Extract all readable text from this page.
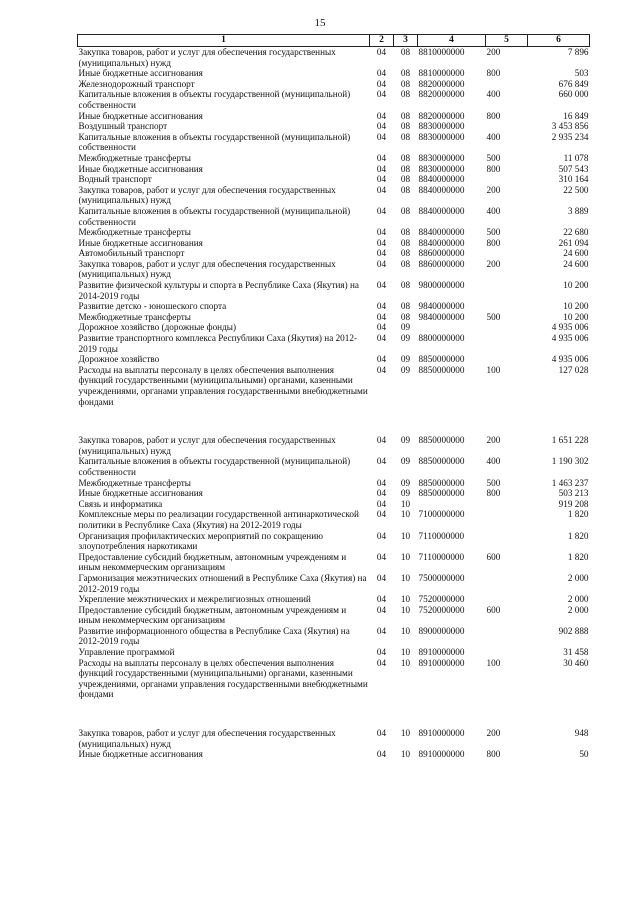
15
1	2	3	4	5	6
Закупка товаров, работ и услуг для обеспечения государственных (муниципальных) нужд	04	08	8810000000	200	7 896
Иные бюджетные ассигнования	04	08	8810000000	800	503
Железнодорожный транспорт	04	08	8820000000		676 849
Капитальные вложения в объекты государственной (муниципальной) собственности	04	08	8820000000	400	660 000
Иные бюджетные ассигнования	04	08	8820000000	800	16 849
Воздушный транспорт	04	08	8830000000		3 453 856
Капитальные вложения в объекты государственной (муниципальной) собственности	04	08	8830000000	400	2 935 234
Межбюджетные трансферты	04	08	8830000000	500	11 078
Иные бюджетные ассигнования	04	08	8830000000	800	507 543
Водный транспорт	04	08	8840000000		310 164
Закупка товаров, работ и услуг для обеспечения государственных (муниципальных) нужд	04	08	8840000000	200	22 500
Капитальные вложения в объекты государственной (муниципальной) собственности	04	08	8840000000	400	3 889
Межбюджетные трансферты	04	08	8840000000	500	22 680
Иные бюджетные ассигнования	04	08	8840000000	800	261 094
Автомобильный транспорт	04	08	8860000000		24 600
Закупка товаров, работ и услуг для обеспечения государственных (муниципальных) нужд	04	08	8860000000	200	24 600
Развитие физической культуры и спорта в Республике Саха (Якутия) на 2014-2019 годы	04	08	9800000000		10 200
Развитие детско - юношеского спорта	04	08	9840000000		10 200
Межбюджетные трансферты	04	08	9840000000	500	10 200
Дорожное хозяйство (дорожные фонды)	04	09			4 935 006
Развитие транспортного комплекса Республики Саха (Якутия) на 2012-2019 годы	04	09	8800000000		4 935 006
Дорожное хозяйство	04	09	8850000000		4 935 006
Расходы на выплаты персоналу в целях обеспечения выполнения функций государственными (муниципальными) органами, казенными учреждениями, органами управления государственными внебюджетными фондами	04	09	8850000000	100	127 028

Закупка товаров, работ и услуг для обеспечения государственных (муниципальных) нужд	04	09	8850000000	200	1 651 228
Капитальные вложения в объекты государственной (муниципальной) собственности	04	09	8850000000	400	1 190 302
Межбюджетные трансферты	04	09	8850000000	500	1 463 237
Иные бюджетные ассигнования	04	09	8850000000	800	503 213
Связь и информатика	04	10			919 208
Комплексные меры по реализации государственной антинаркотической политики в Республике Саха (Якутия) на 2012-2019 годы	04	10	7100000000		1 820
Организация профилактических мероприятий по сокращению злоупотребления наркотиками	04	10	7110000000		1 820
Предоставление субсидий бюджетным, автономным учреждениям и иным некоммерческим организациям	04	10	7110000000	600	1 820
Гармонизация межэтнических отношений в Республике Саха (Якутия) на 2012-2019 годы	04	10	7500000000		2 000
Укрепление межэтнических и межрелигиозных отношений	04	10	7520000000		2 000
Предоставление субсидий бюджетным, автономным учреждениям и иным некоммерческим организациям	04	10	7520000000	600	2 000
Развитие информационного общества в Республике Саха (Якутия) на 2012-2019 годы	04	10	8900000000		902 888
Управление программой	04	10	8910000000		31 458
Расходы на выплаты персоналу в целях обеспечения выполнения функций государственными (муниципальными) органами, казенными учреждениями, органами управления государственными внебюджетными фондами	04	10	8910000000	100	30 460

Закупка товаров, работ и услуг для обеспечения государственных (муниципальных) нужд	04	10	8910000000	200	948
Иные бюджетные ассигнования	04	10	8910000000	800	50
